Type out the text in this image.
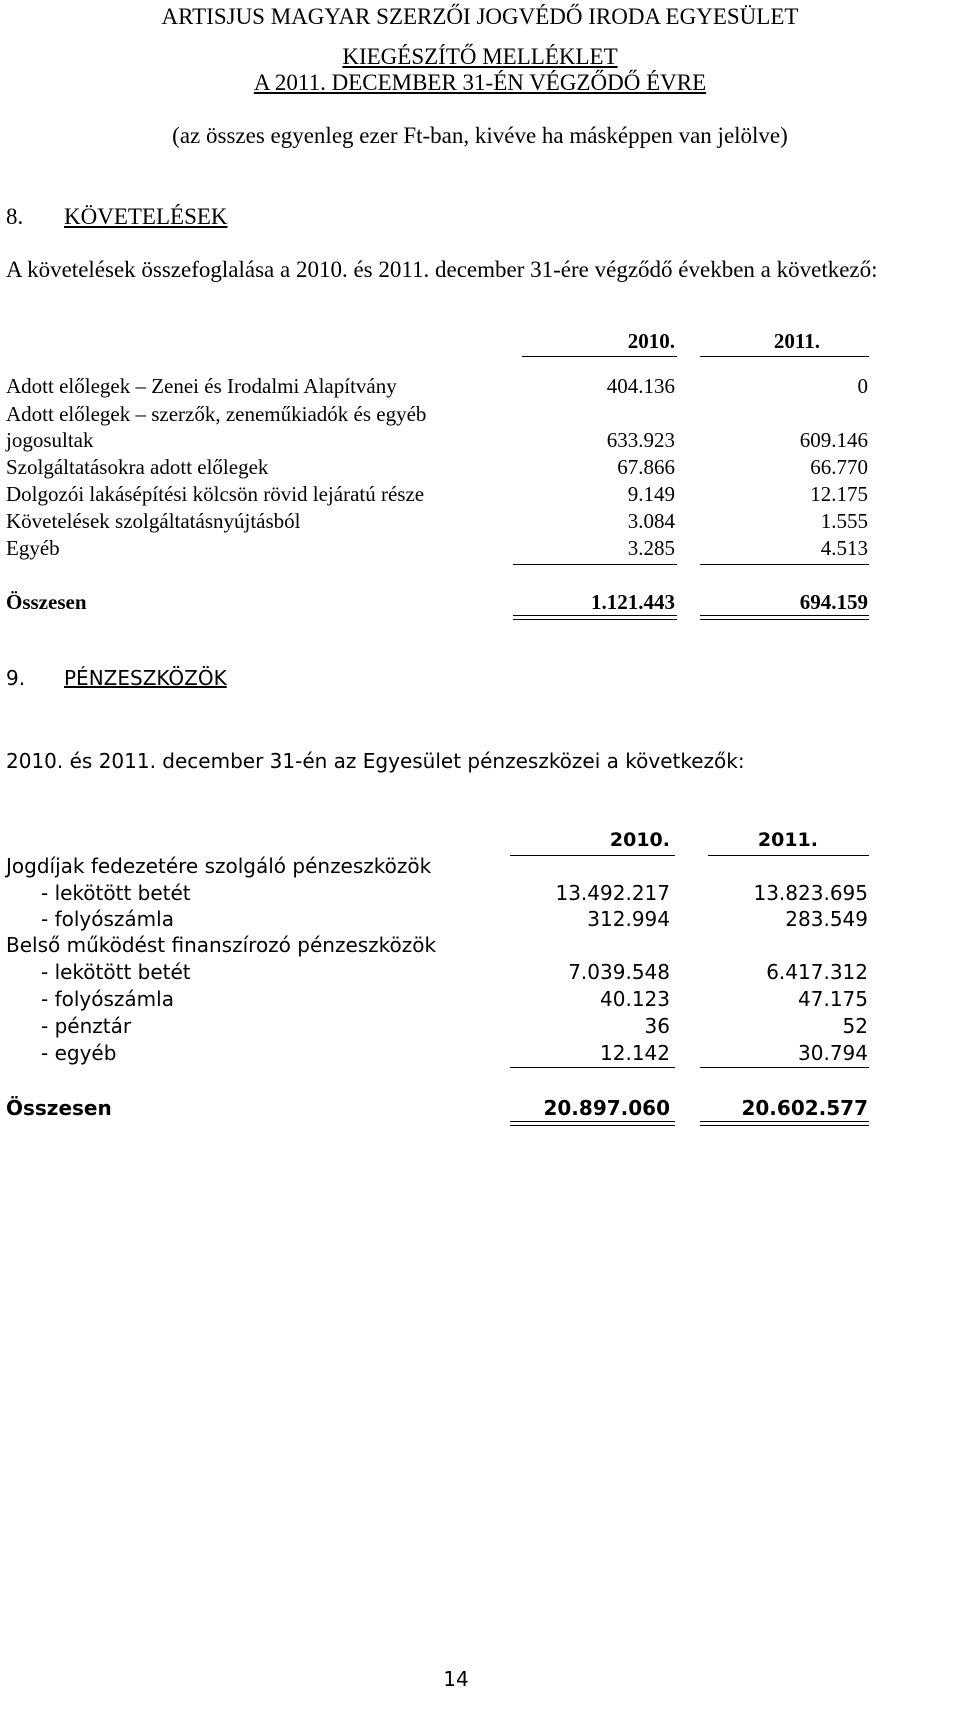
ARTISJUS MAGYAR SZERZŐI JOGVÉDŐ IRODA EGYESÜLET
KIEGÉSZÍTŐ MELLÉKLET
A 2011. DECEMBER 31-ÉN VÉGZŐDŐ ÉVRE
(az összes egyenleg ezer Ft-ban, kivéve ha másképpen van jelölve)
8. KÖVETELÉSEK
A követelések összefoglalása a 2010. és 2011. december 31-ére végződő években a következő:
2010.	2011.
Adott előlegek – Zenei és Irodalmi Alapítvány	404.136	0
Adott előlegek – szerzők, zeneműkiadók és egyéb
jogosultak	633.923	609.146
Szolgáltatásokra adott előlegek	67.866	66.770
Dolgozói lakásépítési kölcsön rövid lejáratú része	9.149	12.175
Követelések szolgáltatásnyújtásból	3.084	1.555
Egyéb	3.285	4.513
Összesen	1.121.443	694.159
9. PÉNZESZKÖZÖK
2010. és 2011. december 31-én az Egyesület pénzeszközei a következők:
2010.	2011.
Jogdíjak fedezetére szolgáló pénzeszközök
- lekötött betét	13.492.217	13.823.695
- folyószámla	312.994	283.549
Belső működést finanszírozó pénzeszközök
- lekötött betét	7.039.548	6.417.312
- folyószámla	40.123	47.175
- pénztár	36	52
- egyéb	12.142	30.794
Összesen	20.897.060	20.602.577
14
